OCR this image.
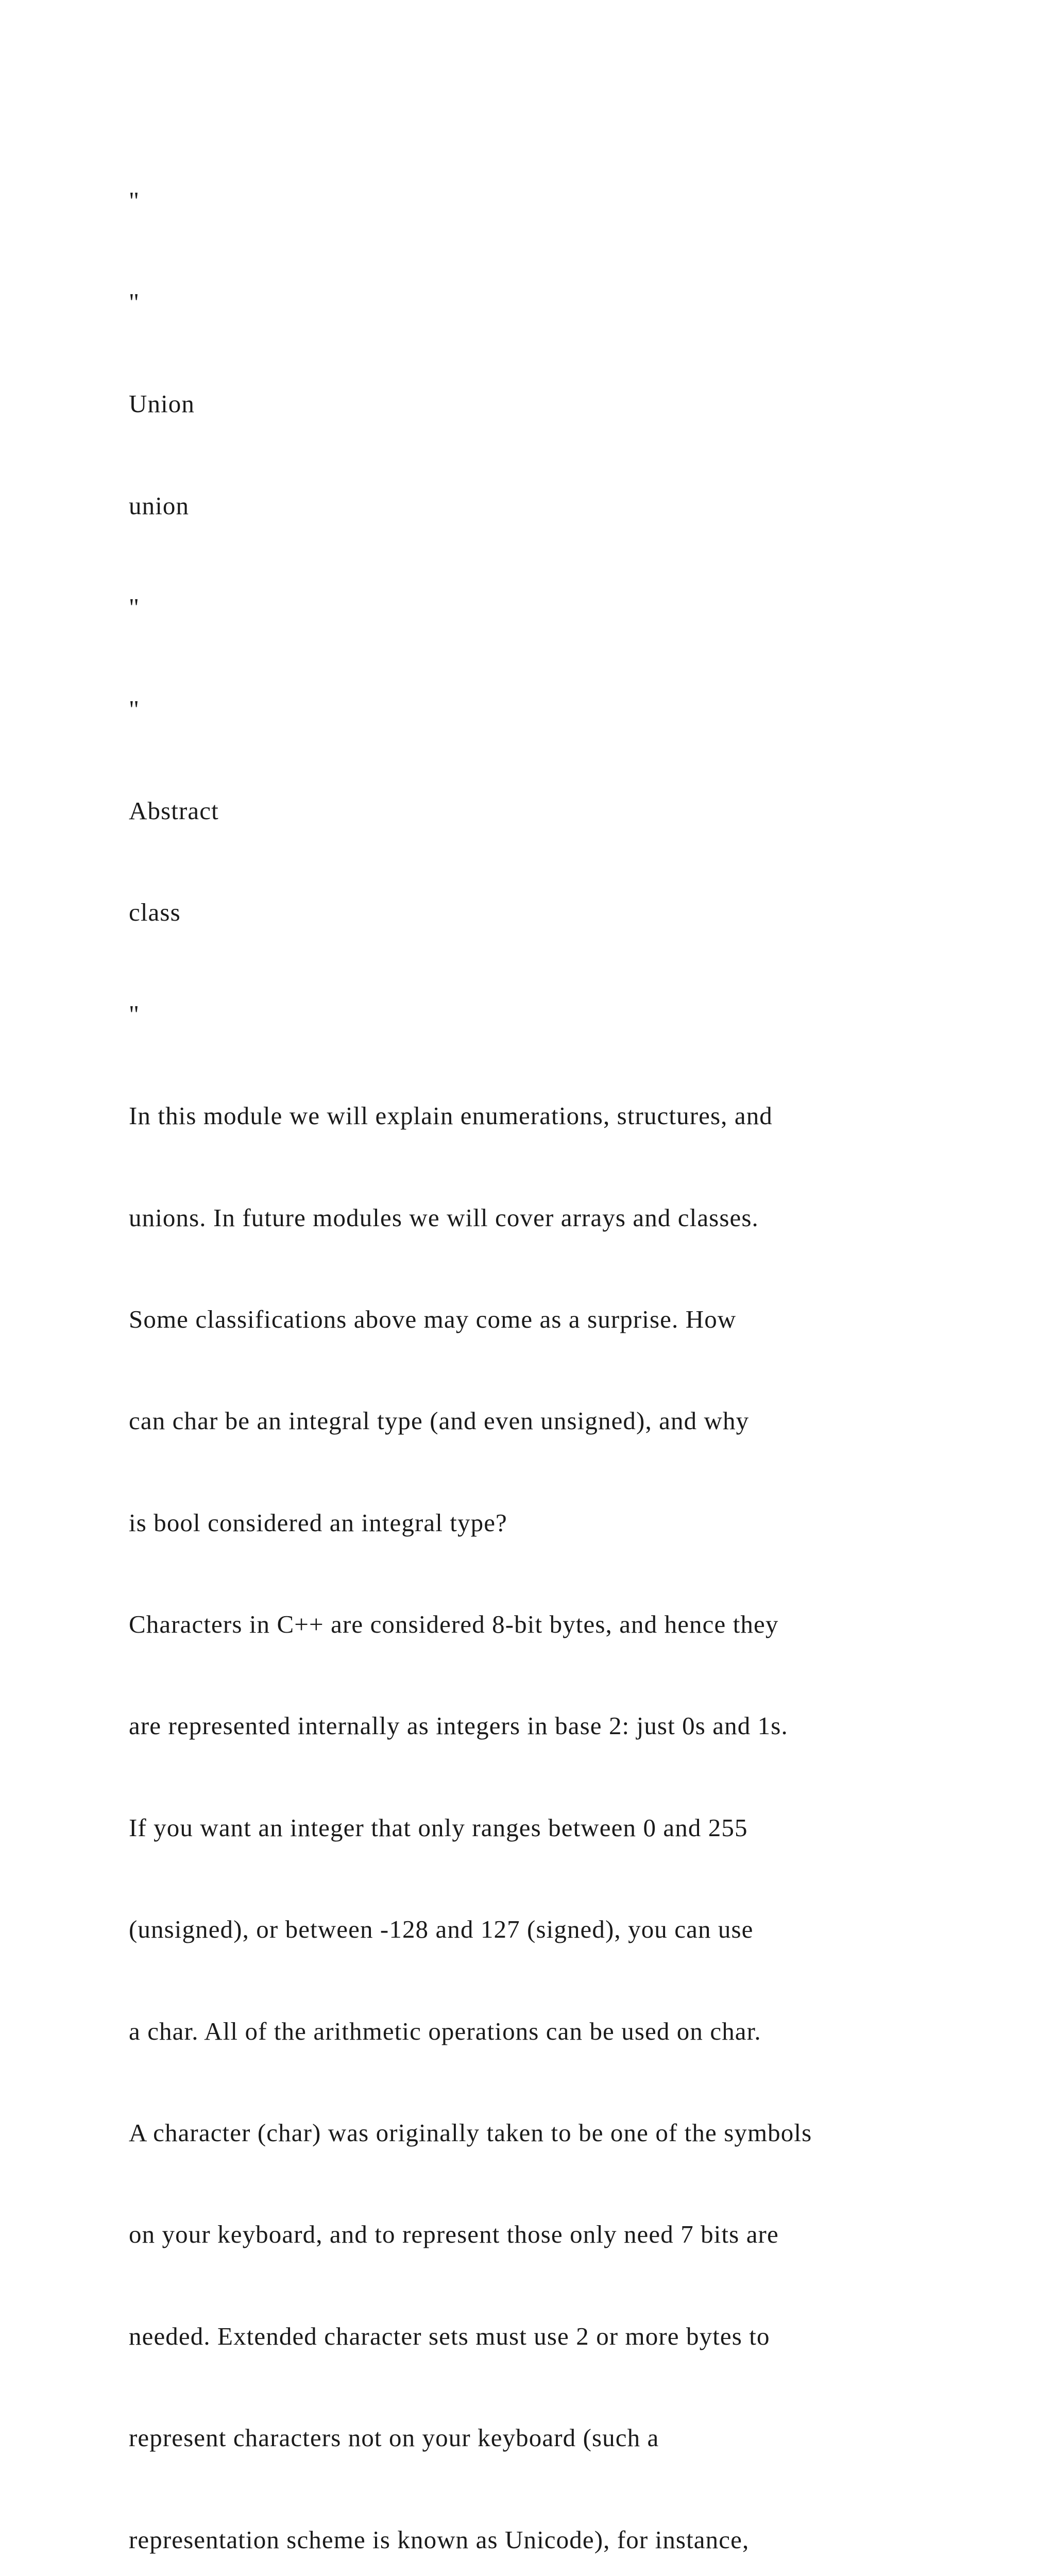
"

"

Union

union

"

"

Abstract

class

"

In this module we will explain enumerations, structures, and

unions. In future modules we will cover arrays and classes.

Some classifications above may come as a surprise. How

can char be an integral type (and even unsigned), and why

is bool considered an integral type?

Characters in C++ are considered 8-bit bytes, and hence they

are represented internally as integers in base 2: just 0s and 1s.

If you want an integer that only ranges between 0 and 255

(unsigned), or between -128 and 127 (signed), you can use

a char. All of the arithmetic operations can be used on char.

A character (char) was originally taken to be one of the symbols

on your keyboard, and to represent those only need 7 bits are

needed. Extended character sets must use 2 or more bytes to

represent characters not on your keyboard (such a

representation scheme is known as Unicode), for instance,
